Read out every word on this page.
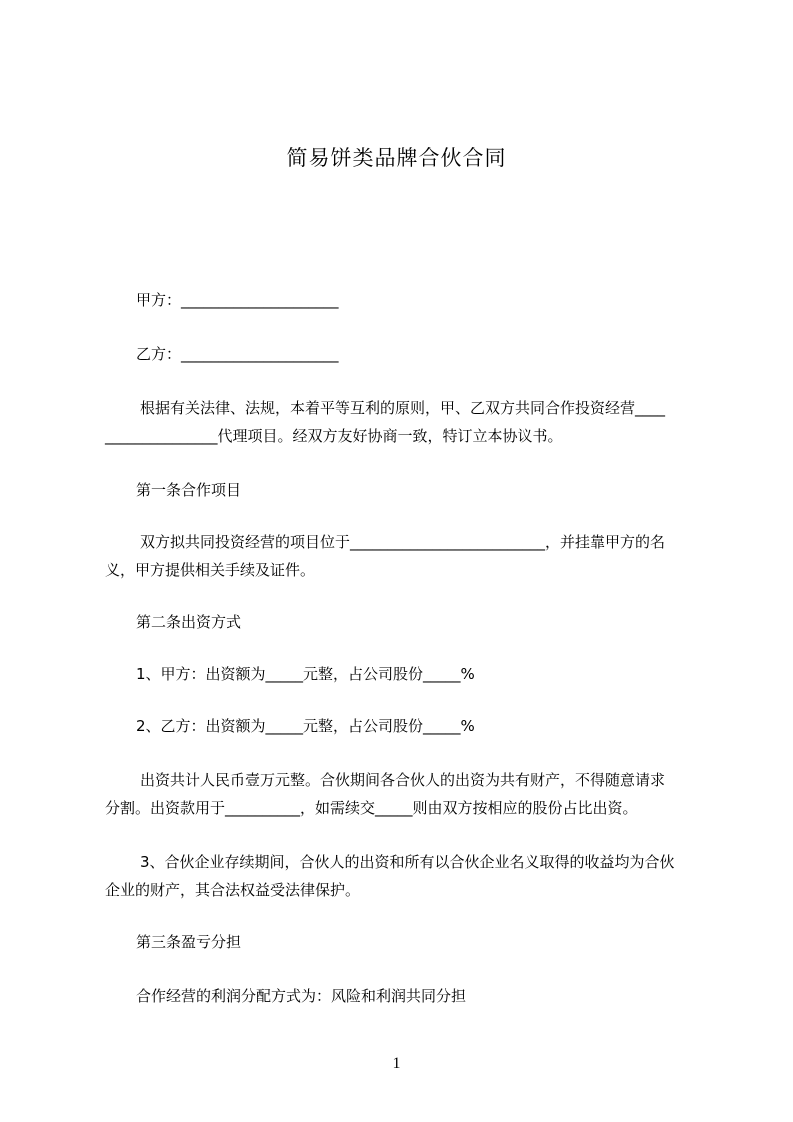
简易饼类品牌合伙合同
甲方：_____________________
乙方：_____________________
根据有关法律、法规，本着平等互利的原则，甲、乙双方共同合作投资经营____
_______________代理项目。经双方友好协商一致，特订立本协议书。
第一条合作项目
双方拟共同投资经营的项目位于__________________________，并挂靠甲方的名
义，甲方提供相关手续及证件。
第二条出资方式
1、甲方：出资额为_____元整，占公司股份_____%
2、乙方：出资额为_____元整，占公司股份_____%
出资共计人民币壹万元整。合伙期间各合伙人的出资为共有财产，不得随意请求
分割。出资款用于__________，如需续交_____则由双方按相应的股份占比出资。
3、合伙企业存续期间，合伙人的出资和所有以合伙企业名义取得的收益均为合伙
企业的财产，其合法权益受法律保护。
第三条盈亏分担
合作经营的利润分配方式为：风险和利润共同分担
1
